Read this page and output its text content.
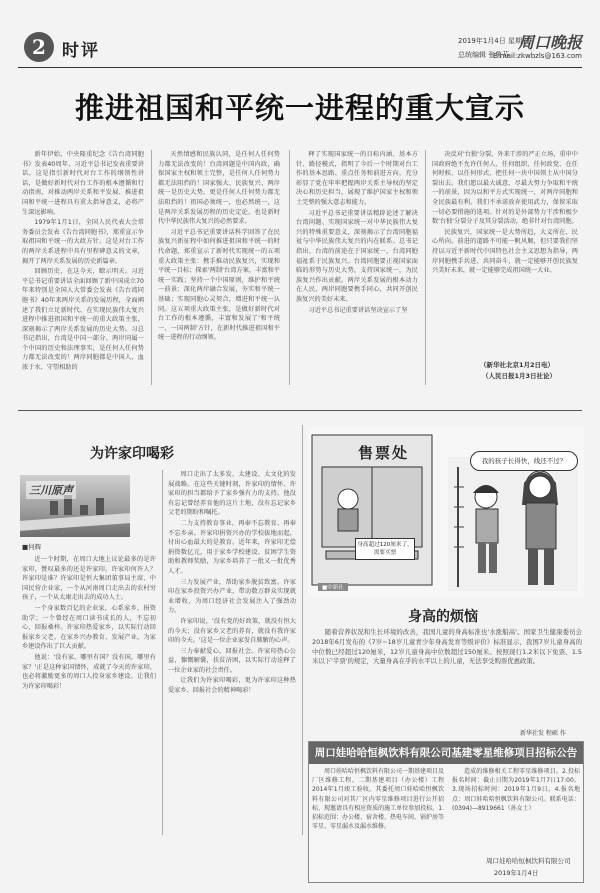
2 时评	2019年1月4日 星期五
总统编辑 张鲁芬
周口晚报
E-mail:zkwbzls@163.com
推进祖国和平统一进程的重大宣示

新年伊始，中央隆重纪念《告台湾同胞书》发表40周年，习近平总书记发表重要讲话。这是指引新时代对台工作的纲领性讲话，是做好新时代对台工作的根本遵循和行动指南，对推动两岸关系和平发展、推进祖国和平统一进程具有重大指导意义，必将产生深远影响。

1979年1月1日，全国人民代表大会常务委员会发表《告台湾同胞书》，郑重宣示争取祖国和平统一的大政方针。这是对台工作的两岸关系进程中具有里程碑意义的文章，揭开了两岸关系发展的历史新篇章。

回顾历史，在这今天，瞭示明天。习近平总书记重要讲话全面回顾了新中国成立70年来特别是全国人大常委会发表《告台湾同胞书》40年来两岸关系的发展历程，全面阐述了我们立足新时代、在实现民族伟大复兴进程中推进祖国和平统一的重大政策主张，深刻揭示了两岸关系发展的历史大势。习总书记指出，台湾是中国一部分、两岸同属一个中国的历史和法理事实，是任何人任何势力都无法改变的！两岸同胞都是中国人，血浓于水、守望相助的

天然情感和民族认同，是任何人任何势力都无法改变的！台湾问题是中国内政，确保国家主权和领土完整，是任何人任何势力都无法阻挡的！国家强大、民族复兴、两岸统一是历史大势，更是任何人任何势力都无法阻挡的！祖国必须统一，也必然统一，这是两岸关系发展历程的历史定论，也是新时代中华民族伟大复兴的必然要求。

习近平总书记重要讲话科学回答了在民族复兴新征程中如何推进祖国和平统一的时代命题，郑重宣示了新时代实现统一的五项重大政策主张：携手推动民族复兴，实现和平统一目标；探索'两制'台湾方案，丰富和平统一实践；坚持一个中国原则，维护和平统一前景；深化两岸融合发展，夯实和平统一基础；实现同胞心灵契合，增进和平统一认同。这五项重大政策主张，是做好新时代对台工作的根本遵循，丰富和发展了'和平统一、一国两制'方针，在新时代推进祖国和平统一进程的行动纲领。

释了实现国家统一的目标内涵、基本方针、路径模式，指明了今后一个时期对台工作的基本思路、重点任务和前进方向，充分彰显了党在牢牢把握两岸关系主导权的坚定决心和历史担当，展现了维护国家主权和领土完整的强大意志和能力。

习近平总书记重要讲话精辟论述了解决台湾问题、实现国家统一对中华民族伟大复兴的特殊重要意义，深刻揭示了台湾同胞福祉与中华民族伟大复兴的内在联系。总书记指出，台湾的前途在于国家统一，台湾同胞福祉系于民族复兴。台湾同胞要正视国家面临的形势与历史大势，支持国家统一，为民族复兴作出贡献。两岸关系发展的根本动力在人民，两岸同胞要携手同心，共同开创民族复兴的美好未来。

习近平总书记重要讲话坚决宣示了坚

决反对'台独'分裂、外来干涉的严正立场，重申中国政府绝不允许任何人、任何组织、任何政党、在任何时候、以任何形式、把任何一块中国领土从中国分裂出去。我们愿以最大诚意、尽最大努力争取和平统一的前景，因为以和平方式实现统一，对两岸同胞和全民族最有利。我们不承诺放弃使用武力，保留采取一切必要措施的选项。针对的是外部势力干涉和极少数'台独'分裂分子及其分裂活动，绝非针对台湾同胞。

民族复兴，国家统一是大势所趋，大义所在、民心所向。前进的道路不可能一帆风顺，但只要我们坚持以习近平新时代中国特色社会主义思想为指导，两岸同胞携手共进、共同奋斗，就一定能够开创民族复兴美好未来，就一定能够完成祖国统一大业。

（新华社北京1月2日电）
（人民日报1月3日社论）
为许家印喝彩
三川原声
■何辉

近一个时期，在周口大地上议论最多的是许家印，赞叹最多的还是许家印。许家印何许人？许家印是谁？许家印是恒大集团董事局主席、中国民营企业家，一个从河南周口走出去的农村穷孩子，一个从太康走出去的成功人士。

一个身家数百亿的企业家，心系家乡，捐资助学；一个曾经在周口读书成长的人，不忘初心，回报桑梓。许家印热爱家乡，以实际行动回报家乡父老，在家乡兴办教育、发展产业，为家乡建设作出了巨大贡献。

他说：'没有家，哪里有国？没有国，哪里有家？'正是这种家国情怀，成就了今天的许家印，也必将激励更多的周口人投身家乡建设。让我们为许家印喝彩！

周口走出了太多发、太建设、太文化的发展战略。在这些关键时刻，许家印的情怀、许家印的担当都给予了家乡强有力的支持。他没有忘记曾经养育他的这片土地，没有忘记家乡父老的期盼和嘱托。

二力支持教育事业，再奉不忘教育、再奉不忘乡亲。许家印捐资兴办的学校拔地而起，付出心血最大的是教育。近年来，许家印无偿捐资数亿元，用于家乡学校建设、贫困学生资助和教师奖励，为家乡培养了一批又一批优秀人才。

三力发展产业，帮助家乡脱贫致富。许家印在家乡投资兴办产业，带动数万群众实现就业增收，为周口经济社会发展注入了强劲动力。

许家印说，'没有党的好政策，就没有恒大的今天；没有家乡父老的养育，就没有我许家印的今天。'这是一位企业家发自肺腑的心声。

三力奉献爱心，回报社会。许家印热心公益，慷慨解囊，扶贫济困，以实际行动诠释了一位企业家的社会责任。

让我们为许家印喝彩，更为许家印这种热爱家乡、回报社会的精神喝彩！

售票处	我的孩子长得快，线还不过？
身高超过120厘米了，需要买票
■中新社
身高的烦恼

随着营养状况和生长环境的改善，我国儿童的身高标准也'水涨船高'。国家卫生健康委员会2018年6月发布的《7岁~18岁儿童青少年身高发育等级评价》标准显示，我国7岁儿童身高的中位数已经超过120厘米，12岁儿童身高中位数超过150厘米。按照现行1.2米以下免票、1.5米以下'半票'的规定，大量身高在乎的水平以上的儿童，无法享受购票优惠政策。

新华社发 程硕 作
周口娃哈哈恒枫饮料有限公司基建零星维修项目招标公告

周口娃哈哈恒枫饮料有限公司一期基建项目及厂区维修工程、二期基建项目（办公楼）工程2014年1月竣工验收。其委托周口娃哈哈恒枫饮料有限公司对其厂区内零星维修项目进行公开招标，现邀请具有相应资质的施工单位参加投标。1.招标范围：办公楼、宿舍楼、热电车间、锅炉房等零星、零星漏水及漏水维修。

造成的维修相关工程零星维修项目。2.投标报名时间：截止日期为2019年1月7日17:00。3.现场招标时间：2019年1月9日。4.报名地点：周口娃哈哈恒枫饮料有限公司。联系电话：(0394)—8919661（孙女士）

周口娃哈哈恒枫饮料有限公司
2019年1月4日
